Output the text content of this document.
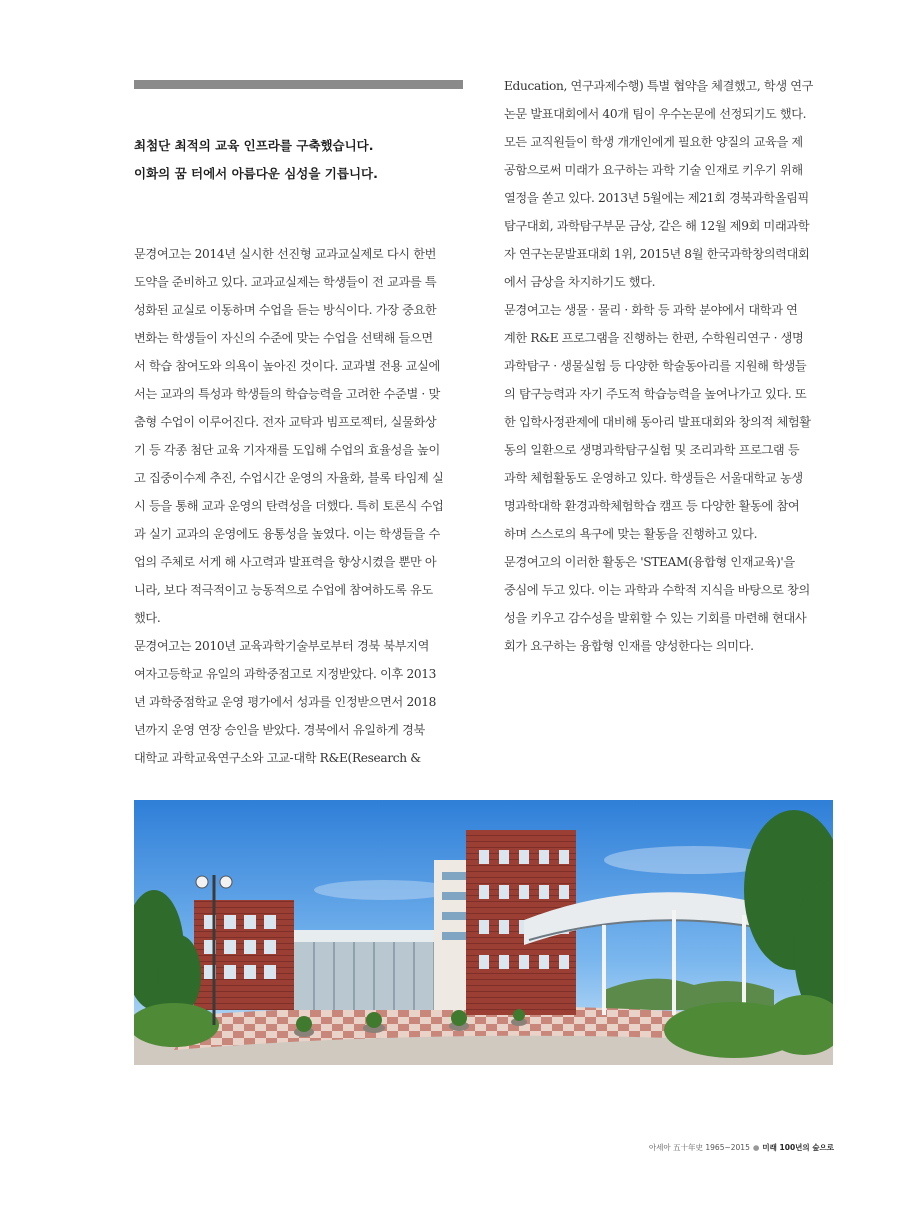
최첨단 최적의 교육 인프라를 구축했습니다.
이화의 꿈 터에서 아름다운 심성을 기릅니다.
문경여고는 2014년 실시한 선진형 교과교실제로 다시 한번
도약을 준비하고 있다. 교과교실제는 학생들이 전 교과를 특
성화된 교실로 이동하며 수업을 듣는 방식이다. 가장 중요한
변화는 학생들이 자신의 수준에 맞는 수업을 선택해 들으면
서 학습 참여도와 의욕이 높아진 것이다. 교과별 전용 교실에
서는 교과의 특성과 학생들의 학습능력을 고려한 수준별 · 맞
춤형 수업이 이루어진다. 전자 교탁과 빔프로젝터, 실물화상
기 등 각종 첨단 교육 기자재를 도입해 수업의 효율성을 높이
고 집중이수제 추진, 수업시간 운영의 자율화, 블록 타임제 실
시 등을 통해 교과 운영의 탄력성을 더했다. 특히 토론식 수업
과 실기 교과의 운영에도 융통성을 높였다. 이는 학생들을 수
업의 주체로 서게 해 사고력과 발표력을 향상시켰을 뿐만 아
니라, 보다 적극적이고 능동적으로 수업에 참여하도록 유도
했다.
문경여고는 2010년 교육과학기술부로부터 경북 북부지역
여자고등학교 유일의 과학중점고로 지정받았다. 이후 2013
년 과학중점학교 운영 평가에서 성과를 인정받으면서 2018
년까지 운영 연장 승인을 받았다. 경북에서 유일하게 경북
대학교 과학교육연구소와 고교-대학 R&E(Research &
Education, 연구과제수행) 특별 협약을 체결했고, 학생 연구
논문 발표대회에서 40개 팀이 우수논문에 선정되기도 했다.
모든 교직원들이 학생 개개인에게 필요한 양질의 교육을 제
공함으로써 미래가 요구하는 과학 기술 인재로 키우기 위해
열정을 쏟고 있다. 2013년 5월에는 제21회 경북과학올림픽
탐구대회, 과학탐구부문 금상, 같은 해 12월 제9회 미래과학
자 연구논문발표대회 1위, 2015년 8월 한국과학창의력대회
에서 금상을 차지하기도 했다.
문경여고는 생물 · 물리 · 화학 등 과학 분야에서 대학과 연
계한 R&E 프로그램을 진행하는 한편, 수학원리연구 · 생명
과학탐구 · 생물실험 등 다양한 학술동아리를 지원해 학생들
의 탐구능력과 자기 주도적 학습능력을 높여나가고 있다. 또
한 입학사정관제에 대비해 동아리 발표대회와 창의적 체험활
동의 일환으로 생명과학탐구실험 및 조리과학 프로그램 등
과학 체험활동도 운영하고 있다. 학생들은 서울대학교 농생
명과학대학 환경과학체험학습 캠프 등 다양한 활동에 참여
하며 스스로의 욕구에 맞는 활동을 진행하고 있다.
문경여고의 이러한 활동은 'STEAM(융합형 인재교육)'을
중심에 두고 있다. 이는 과학과 수학적 지식을 바탕으로 창의
성을 키우고 감수성을 발휘할 수 있는 기회를 마련해 현대사
회가 요구하는 융합형 인재를 양성한다는 의미다.
아세아 五十年史 1965~2015 ● 미래 100년의 숲으로
